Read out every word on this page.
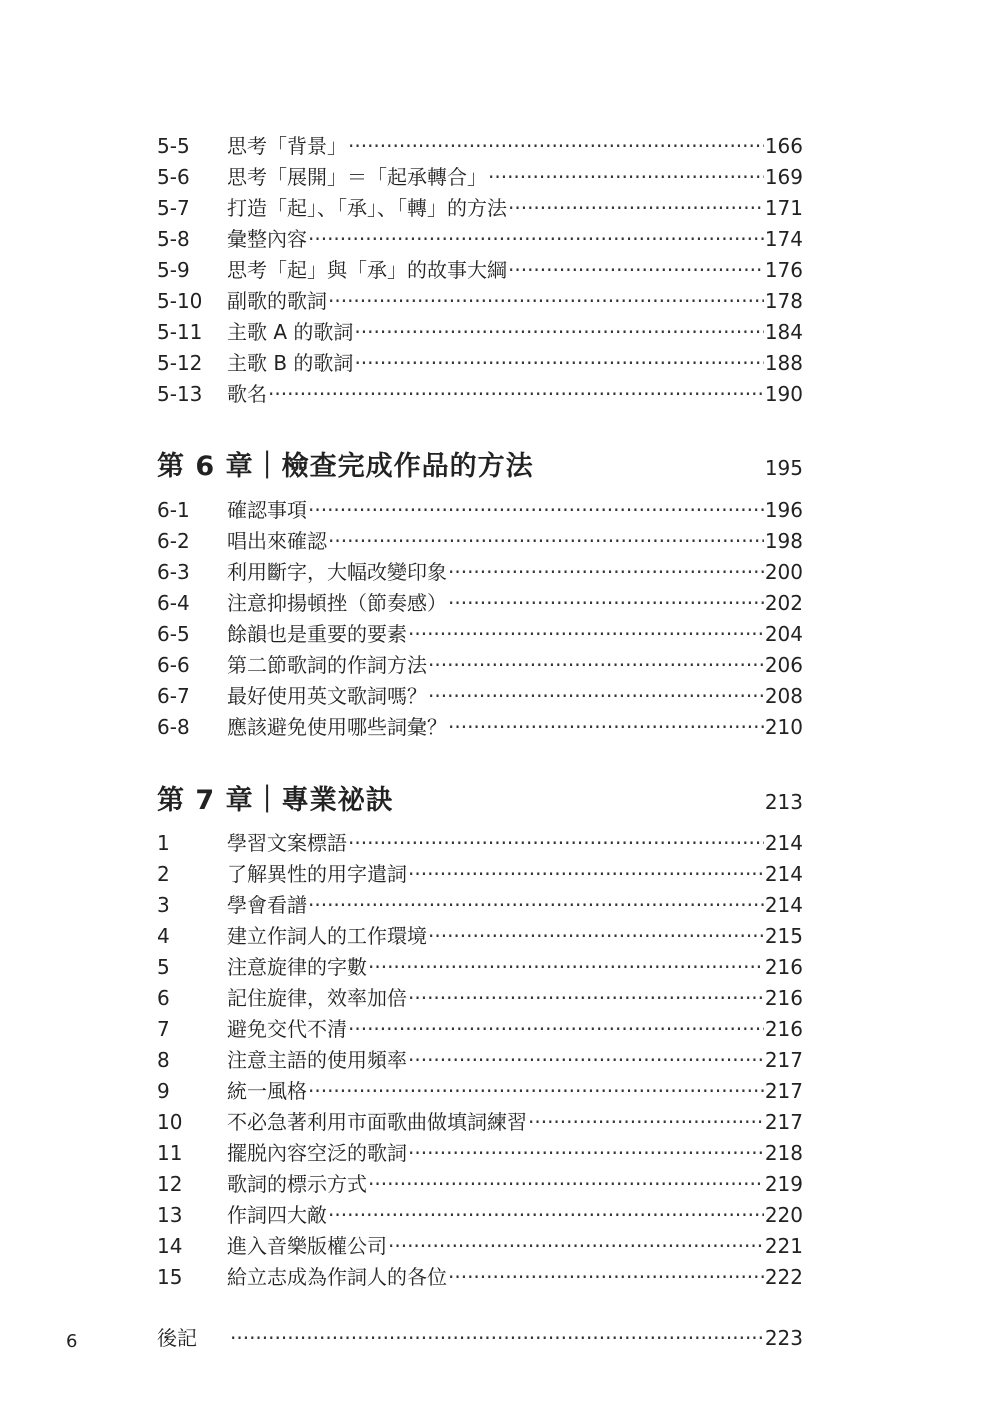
5-5	思考「背景」 ·····	166
5-6	思考「展開」＝「起承轉合」 ·····	169
5-7	打造「起」、「承」、「轉」的方法 ·····	171
5-8	彙整內容 ·····	174
5-9	思考「起」與「承」的故事大綱 ·····	176
5-10	副歌的歌詞 ·····	178
5-11	主歌 A 的歌詞 ·····	184
5-12	主歌 B 的歌詞 ·····	188
5-13	歌名 ·····	190
第 6 章｜檢查完成作品的方法	195
6-1	確認事項 ·····	196
6-2	唱出來確認 ·····	198
6-3	利用斷字，大幅改變印象 ·····	200
6-4	注意抑揚頓挫（節奏感） ·····	202
6-5	餘韻也是重要的要素 ·····	204
6-6	第二節歌詞的作詞方法 ·····	206
6-7	最好使用英文歌詞嗎？ ·····	208
6-8	應該避免使用哪些詞彙？ ·····	210
第 7 章｜專業祕訣	213
1	學習文案標語 ·····	214
2	了解異性的用字遣詞 ·····	214
3	學會看譜 ·····	214
4	建立作詞人的工作環境 ·····	215
5	注意旋律的字數 ·····	216
6	記住旋律，效率加倍 ·····	216
7	避免交代不清 ·····	216
8	注意主語的使用頻率 ·····	217
9	統一風格 ·····	217
10	不必急著利用市面歌曲做填詞練習 ·····	217
11	擺脱內容空泛的歌詞 ·····	218
12	歌詞的標示方式 ·····	219
13	作詞四大敵 ·····	220
14	進入音樂版權公司 ·····	221
15	給立志成為作詞人的各位 ·····	222
後記 ·····	223
6
